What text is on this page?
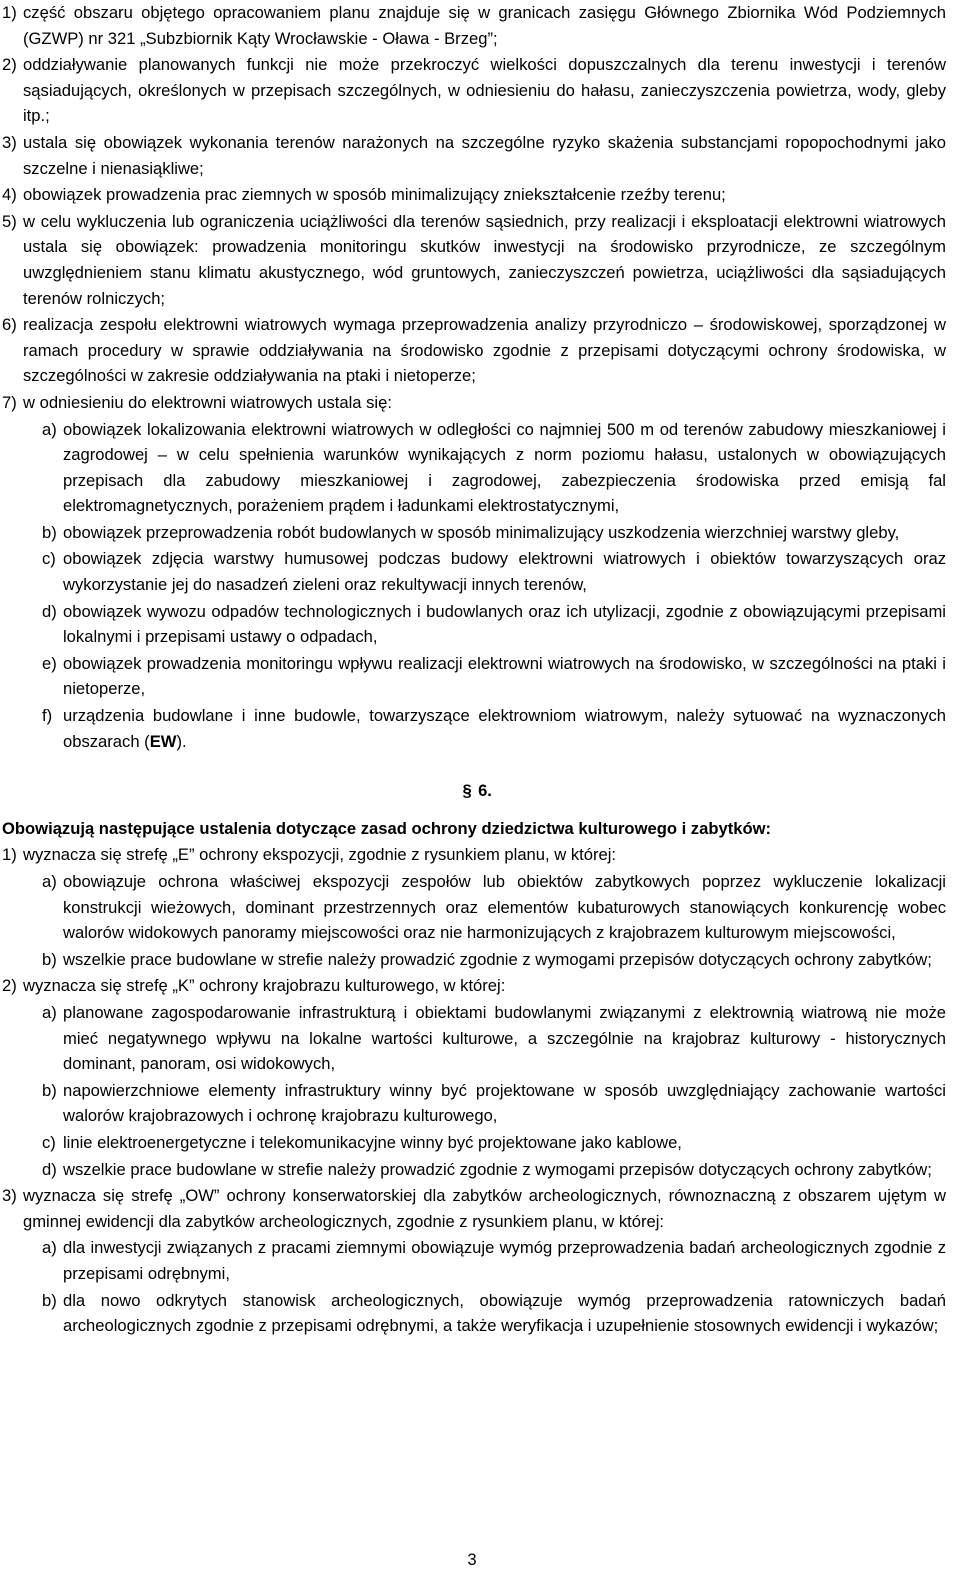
1) część obszaru objętego opracowaniem planu znajduje się w granicach zasięgu Głównego Zbiornika Wód Podziemnych (GZWP) nr 321 „Subzbiornik Kąty Wrocławskie - Oława - Brzeg”;
2) oddziaływanie planowanych funkcji nie może przekroczyć wielkości dopuszczalnych dla terenu inwestycji i terenów sąsiadujących, określonych w przepisach szczególnych, w odniesieniu do hałasu, zanieczyszczenia powietrza, wody, gleby itp.;
3) ustala się obowiązek wykonania terenów narażonych na szczególne ryzyko skażenia substancjami ropopochodnymi jako szczelne i nienasiąkliwe;
4) obowiązek prowadzenia prac ziemnych w sposób minimalizujący zniekształcenie rzeźby terenu;
5) w celu wykluczenia lub ograniczenia uciążliwości dla terenów sąsiednich, przy realizacji i eksploatacji elektrowni wiatrowych ustala się obowiązek: prowadzenia monitoringu skutków inwestycji na środowisko przyrodnicze, ze szczególnym uwzględnieniem stanu klimatu akustycznego, wód gruntowych, zanieczyszczeń powietrza, uciążliwości dla sąsiadujących terenów rolniczych;
6) realizacja zespołu elektrowni wiatrowych wymaga przeprowadzenia analizy przyrodniczo – środowiskowej, sporządzonej w ramach procedury w sprawie oddziaływania na środowisko zgodnie z przepisami dotyczącymi ochrony środowiska, w szczególności w zakresie oddziaływania na ptaki i nietoperze;
7) w odniesieniu do elektrowni wiatrowych ustala się:
a) obowiązek lokalizowania elektrowni wiatrowych w odległości co najmniej 500 m od terenów zabudowy mieszkaniowej i zagrodowej – w celu spełnienia warunków wynikających z norm poziomu hałasu, ustalonych w obowiązujących przepisach dla zabudowy mieszkaniowej i zagrodowej, zabezpieczenia środowiska przed emisją fal elektromagnetycznych, porażeniem prądem i ładunkami elektrostatycznymi,
b) obowiązek przeprowadzenia robót budowlanych w sposób minimalizujący uszkodzenia wierzchniej warstwy gleby,
c) obowiązek zdjęcia warstwy humusowej podczas budowy elektrowni wiatrowych i obiektów towarzyszących oraz wykorzystanie jej do nasadzeń zieleni oraz rekultywacji innych terenów,
d) obowiązek wywozu odpadów technologicznych i budowlanych oraz ich utylizacji, zgodnie z obowiązującymi przepisami lokalnymi i przepisami ustawy o odpadach,
e) obowiązek prowadzenia monitoringu wpływu realizacji elektrowni wiatrowych na środowisko, w szczególności na ptaki i nietoperze,
f) urządzenia budowlane i inne budowle, towarzyszące elektrowniom wiatrowym, należy sytuować na wyznaczonych obszarach (EW).
§ 6.
Obowiązują następujące ustalenia dotyczące zasad ochrony dziedzictwa kulturowego i zabytków:
1) wyznacza się strefę „E” ochrony ekspozycji, zgodnie z rysunkiem planu, w której:
a) obowiązuje ochrona właściwej ekspozycji zespołów lub obiektów zabytkowych poprzez wykluczenie lokalizacji konstrukcji wieżowych, dominant przestrzennych oraz elementów kubaturowych stanowiących konkurencję wobec walorów widokowych panoramy miejscowości oraz nie harmonizujących z krajobrazem kulturowym miejscowości,
b) wszelkie prace budowlane w strefie należy prowadzić zgodnie z wymogami przepisów dotyczących ochrony zabytków;
2) wyznacza się strefę „K” ochrony krajobrazu kulturowego, w której:
a) planowane zagospodarowanie infrastrukturą i obiektami budowlanymi związanymi z elektrownią wiatrową nie może mieć negatywnego wpływu na lokalne wartości kulturowe, a szczególnie na krajobraz kulturowy - historycznych dominant, panoram, osi widokowych,
b) napowierzchniowe elementy infrastruktury winny być projektowane w sposób uwzględniający zachowanie wartości walorów krajobrazowych i ochronę krajobrazu kulturowego,
c) linie elektroenergetyczne i telekomunikacyjne winny być projektowane jako kablowe,
d) wszelkie prace budowlane w strefie należy prowadzić zgodnie z wymogami przepisów dotyczących ochrony zabytków;
3) wyznacza się strefę „OW” ochrony konserwatorskiej dla zabytków archeologicznych, równoznaczną z obszarem ujętym w gminnej ewidencji dla zabytków archeologicznych, zgodnie z rysunkiem planu, w której:
a) dla inwestycji związanych z pracami ziemnymi obowiązuje wymóg przeprowadzenia badań archeologicznych zgodnie z przepisami odrębnymi,
b) dla nowo odkrytych stanowisk archeologicznych, obowiązuje wymóg przeprowadzenia ratowniczych badań archeologicznych zgodnie z przepisami odrębnymi, a także weryfikacja i uzupełnienie stosownych ewidencji i wykazów;
3
